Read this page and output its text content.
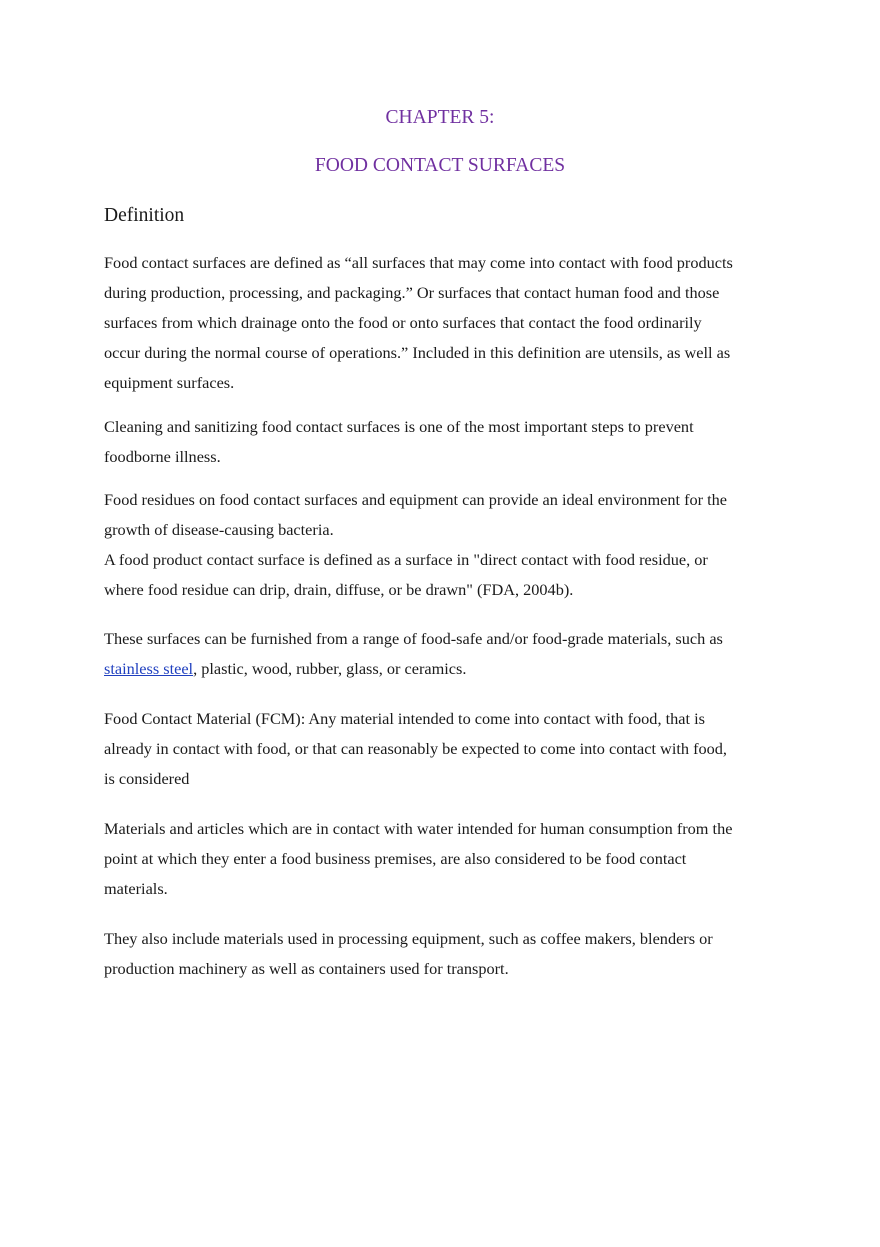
CHAPTER 5:
FOOD CONTACT SURFACES
Definition

Food contact surfaces are defined as “all surfaces that may come into contact with food products
during production, processing, and packaging.” Or surfaces that contact human food and those
surfaces from which drainage onto the food or onto surfaces that contact the food ordinarily
occur during the normal course of operations.” Included in this definition are utensils, as well as
equipment surfaces.

Cleaning and sanitizing food contact surfaces is one of the most important steps to prevent
foodborne illness.

Food residues on food contact surfaces and equipment can provide an ideal environment for the
growth of disease-causing bacteria.
A food product contact surface is defined as a surface in "direct contact with food residue, or
where food residue can drip, drain, diffuse, or be drawn" (FDA, 2004b).

These surfaces can be furnished from a range of food-safe and/or food-grade materials, such as
stainless steel, plastic, wood, rubber, glass, or ceramics.

Food Contact Material (FCM): Any material intended to come into contact with food, that is
already in contact with food, or that can reasonably be expected to come into contact with food,
is considered

Materials and articles which are in contact with water intended for human consumption from the
point at which they enter a food business premises, are also considered to be food contact
materials.

They also include materials used in processing equipment, such as coffee makers, blenders or
production machinery as well as containers used for transport.
